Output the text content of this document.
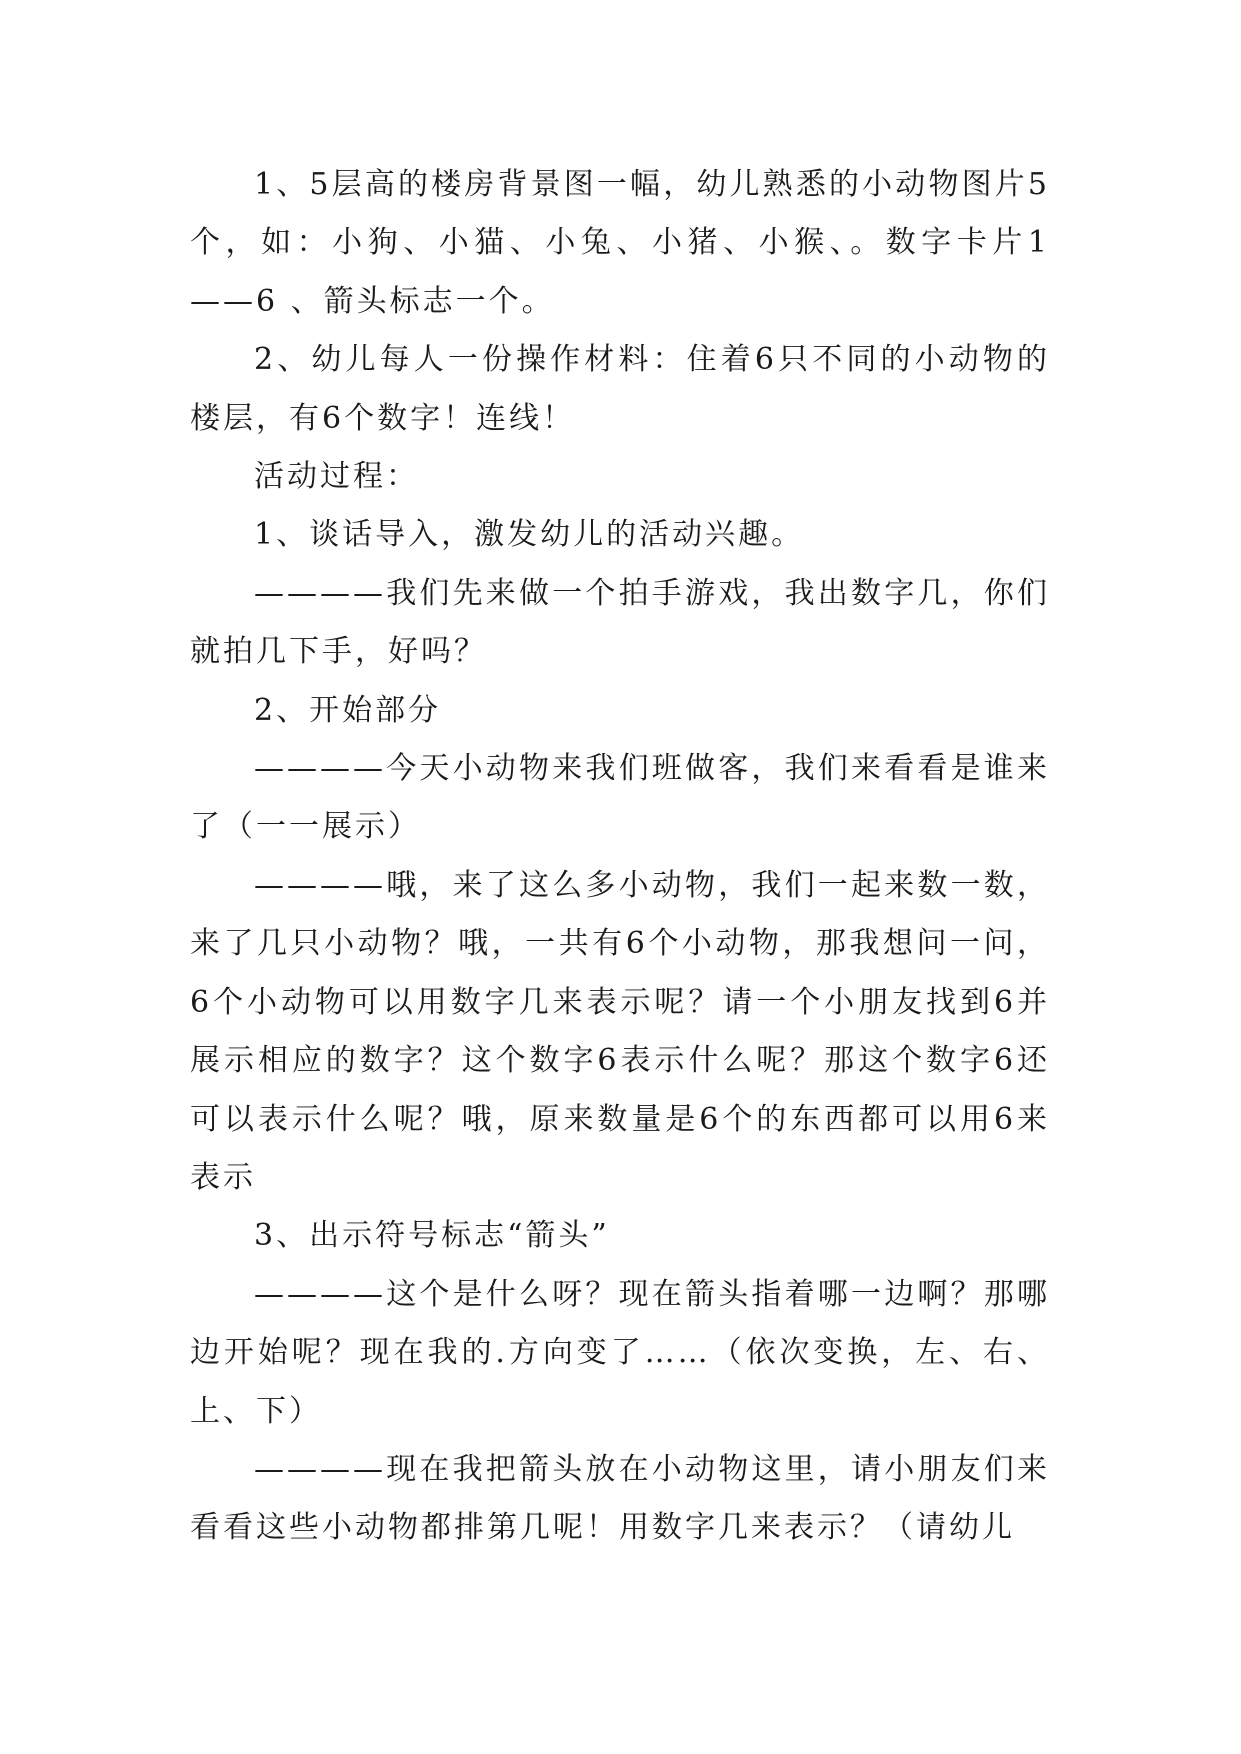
1、5层高的楼房背景图一幅，幼儿熟悉的小动物图片5个，如：小狗、小猫、小兔、小猪、小猴、。数字卡片1——6 、箭头标志一个。

2、幼儿每人一份操作材料：住着6只不同的小动物的楼层，有6个数字！连线！

活动过程：

1、谈话导入，激发幼儿的活动兴趣。

————我们先来做一个拍手游戏，我出数字几，你们就拍几下手，好吗？

2、开始部分

————今天小动物来我们班做客，我们来看看是谁来了（一一展示）

————哦，来了这么多小动物，我们一起来数一数，来了几只小动物？哦，一共有6个小动物，那我想问一问，6个小动物可以用数字几来表示呢？请一个小朋友找到6并展示相应的数字？这个数字6表示什么呢？那这个数字6还可以表示什么呢？哦，原来数量是6个的东西都可以用6来表示

3、出示符号标志“箭头”

————这个是什么呀？现在箭头指着哪一边啊？那哪边开始呢？现在我的.方向变了……（依次变换，左、右、上、下）

————现在我把箭头放在小动物这里，请小朋友们来看看这些小动物都排第几呢！用数字几来表示？（请幼儿
